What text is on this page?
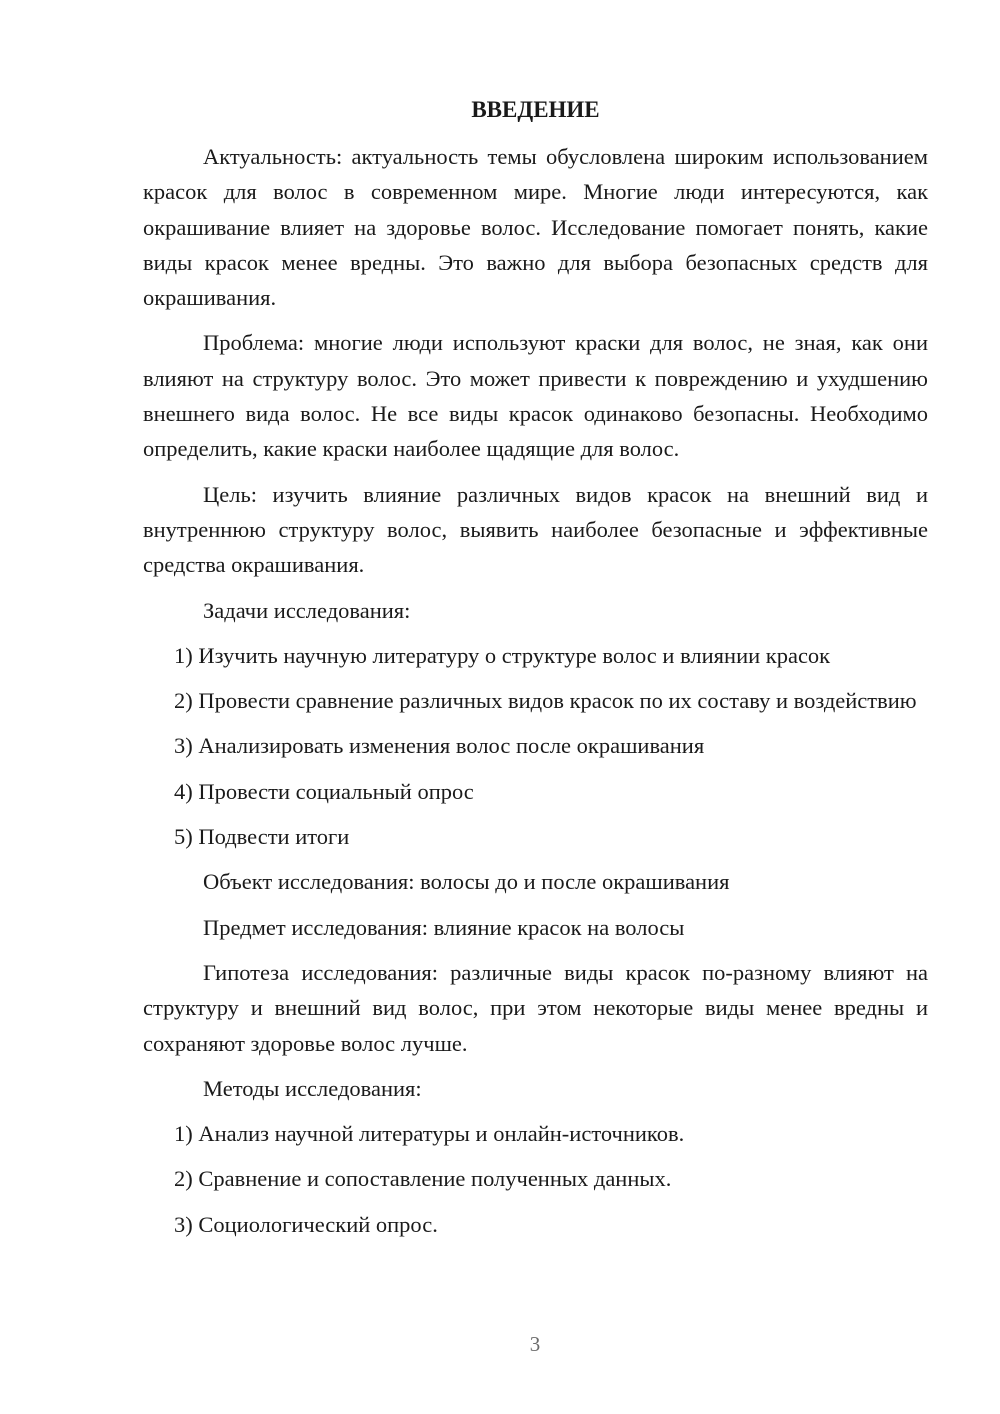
ВВЕДЕНИЕ

Актуальность: актуальность темы обусловлена широким использованием красок для волос в современном мире. Многие люди интересуются, как окрашивание влияет на здоровье волос. Исследование помогает понять, какие виды красок менее вредны. Это важно для выбора безопасных средств для окрашивания.

Проблема: многие люди используют краски для волос, не зная, как они влияют на структуру волос. Это может привести к повреждению и ухудшению внешнего вида волос. Не все виды красок одинаково безопасны. Необходимо определить, какие краски наиболее щадящие для волос.

Цель: изучить влияние различных видов красок на внешний вид и внутреннюю структуру волос, выявить наиболее безопасные и эффективные средства окрашивания.

Задачи исследования:

1) Изучить научную литературу о структуре волос и влиянии красок

2) Провести сравнение различных видов красок по их составу и воздействию

3) Анализировать изменения волос после окрашивания

4) Провести социальный опрос

5) Подвести итоги

Объект исследования: волосы до и после окрашивания

Предмет исследования: влияние красок на волосы

Гипотеза исследования: различные виды красок по-разному влияют на структуру и внешний вид волос, при этом некоторые виды менее вредны и сохраняют здоровье волос лучше.

Методы исследования:

1) Анализ научной литературы и онлайн-источников.

2) Сравнение и сопоставление полученных данных.

3) Социологический опрос.

3
